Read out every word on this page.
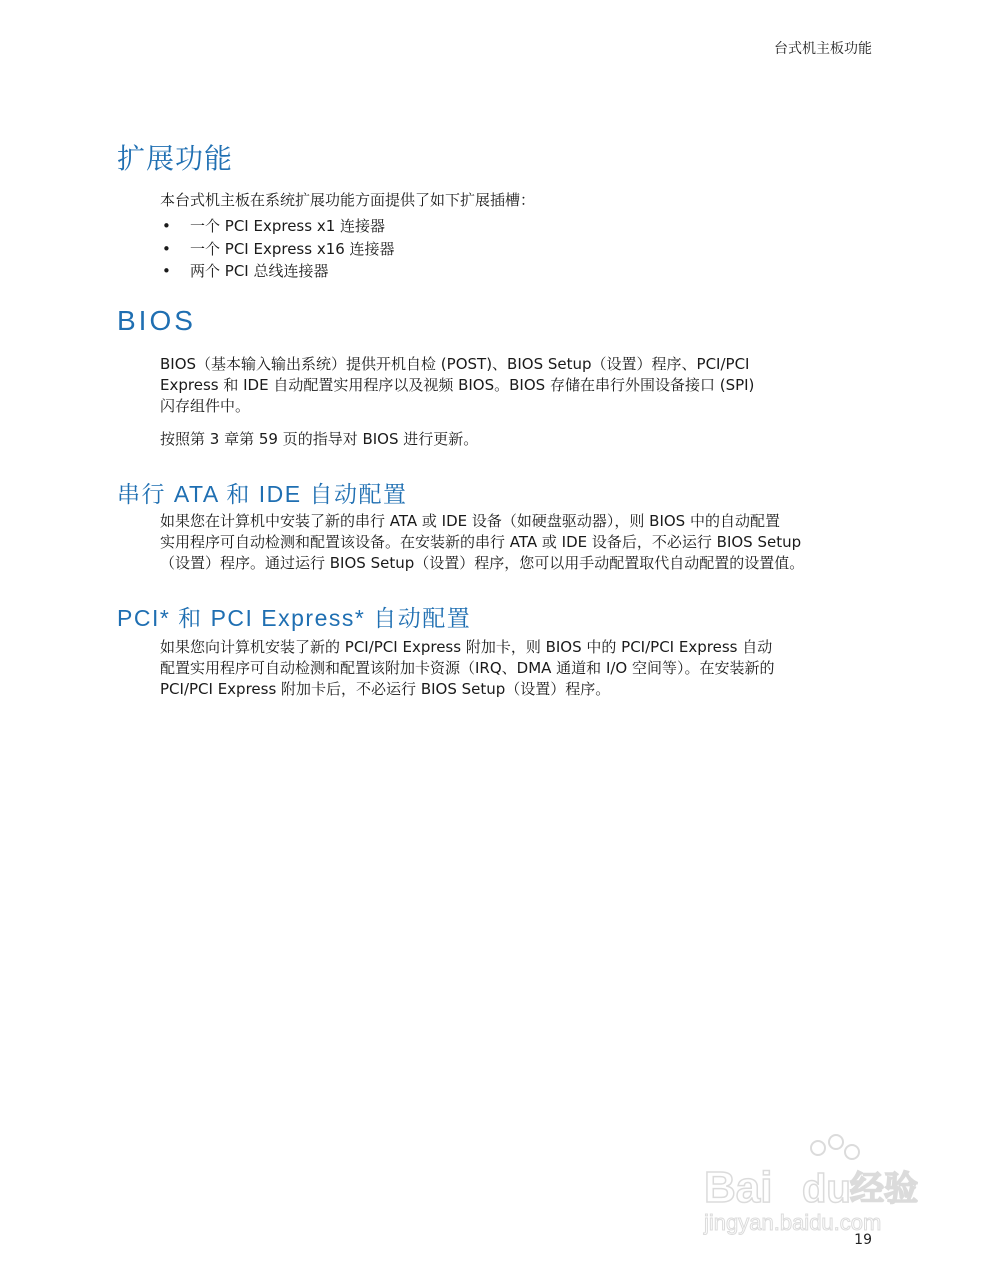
台式机主板功能
扩展功能

本台式机主板在系统扩展功能方面提供了如下扩展插槽：

• 一个 PCI Express x1 连接器
• 一个 PCI Express x16 连接器
• 两个 PCI 总线连接器
BIOS
BIOS（基本输入输出系统）提供开机自检 (POST)、BIOS Setup（设置）程序、PCI/PCI
Express 和 IDE 自动配置实用程序以及视频 BIOS。BIOS 存储在串行外围设备接口 (SPI)
闪存组件中。

按照第 3 章第 59 页的指导对 BIOS 进行更新。

串行 ATA 和 IDE 自动配置
如果您在计算机中安装了新的串行 ATA 或 IDE 设备（如硬盘驱动器），则 BIOS 中的自动配置
实用程序可自动检测和配置该设备。在安装新的串行 ATA 或 IDE 设备后，不必运行 BIOS Setup
（设置）程序。通过运行 BIOS Setup（设置）程序，您可以用手动配置取代自动配置的设置值。
PCI* 和 PCI Express* 自动配置
如果您向计算机安装了新的 PCI/PCI Express 附加卡，则 BIOS 中的 PCI/PCI Express 自动
配置实用程序可自动检测和配置该附加卡资源（IRQ、DMA 通道和 I/O 空间等）。在安装新的
PCI/PCI Express 附加卡后，不必运行 BIOS Setup（设置）程序。
Bai du 经验
jingyan.baidu.com
19
